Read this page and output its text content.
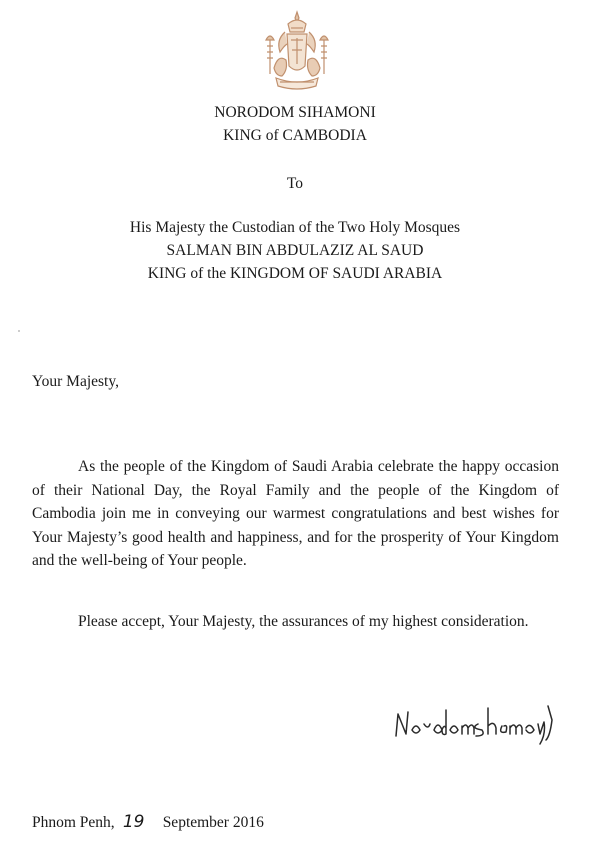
NORODOM SIHAMONI
KING of CAMBODIA
To
His Majesty the Custodian of the Two Holy Mosques
SALMAN BIN ABDULAZIZ AL SAUD
KING of the KINGDOM OF SAUDI ARABIA
Your Majesty,
As the people of the Kingdom of Saudi Arabia celebrate the happy occasion of their National Day, the Royal Family and the people of the Kingdom of Cambodia join me in conveying our warmest congratulations and best wishes for Your Majesty’s good health and happiness, and for the prosperity of Your Kingdom and the well-being of Your people.
Please accept, Your Majesty, the assurances of my highest consideration.
Phnom Penh, 19 September 2016
